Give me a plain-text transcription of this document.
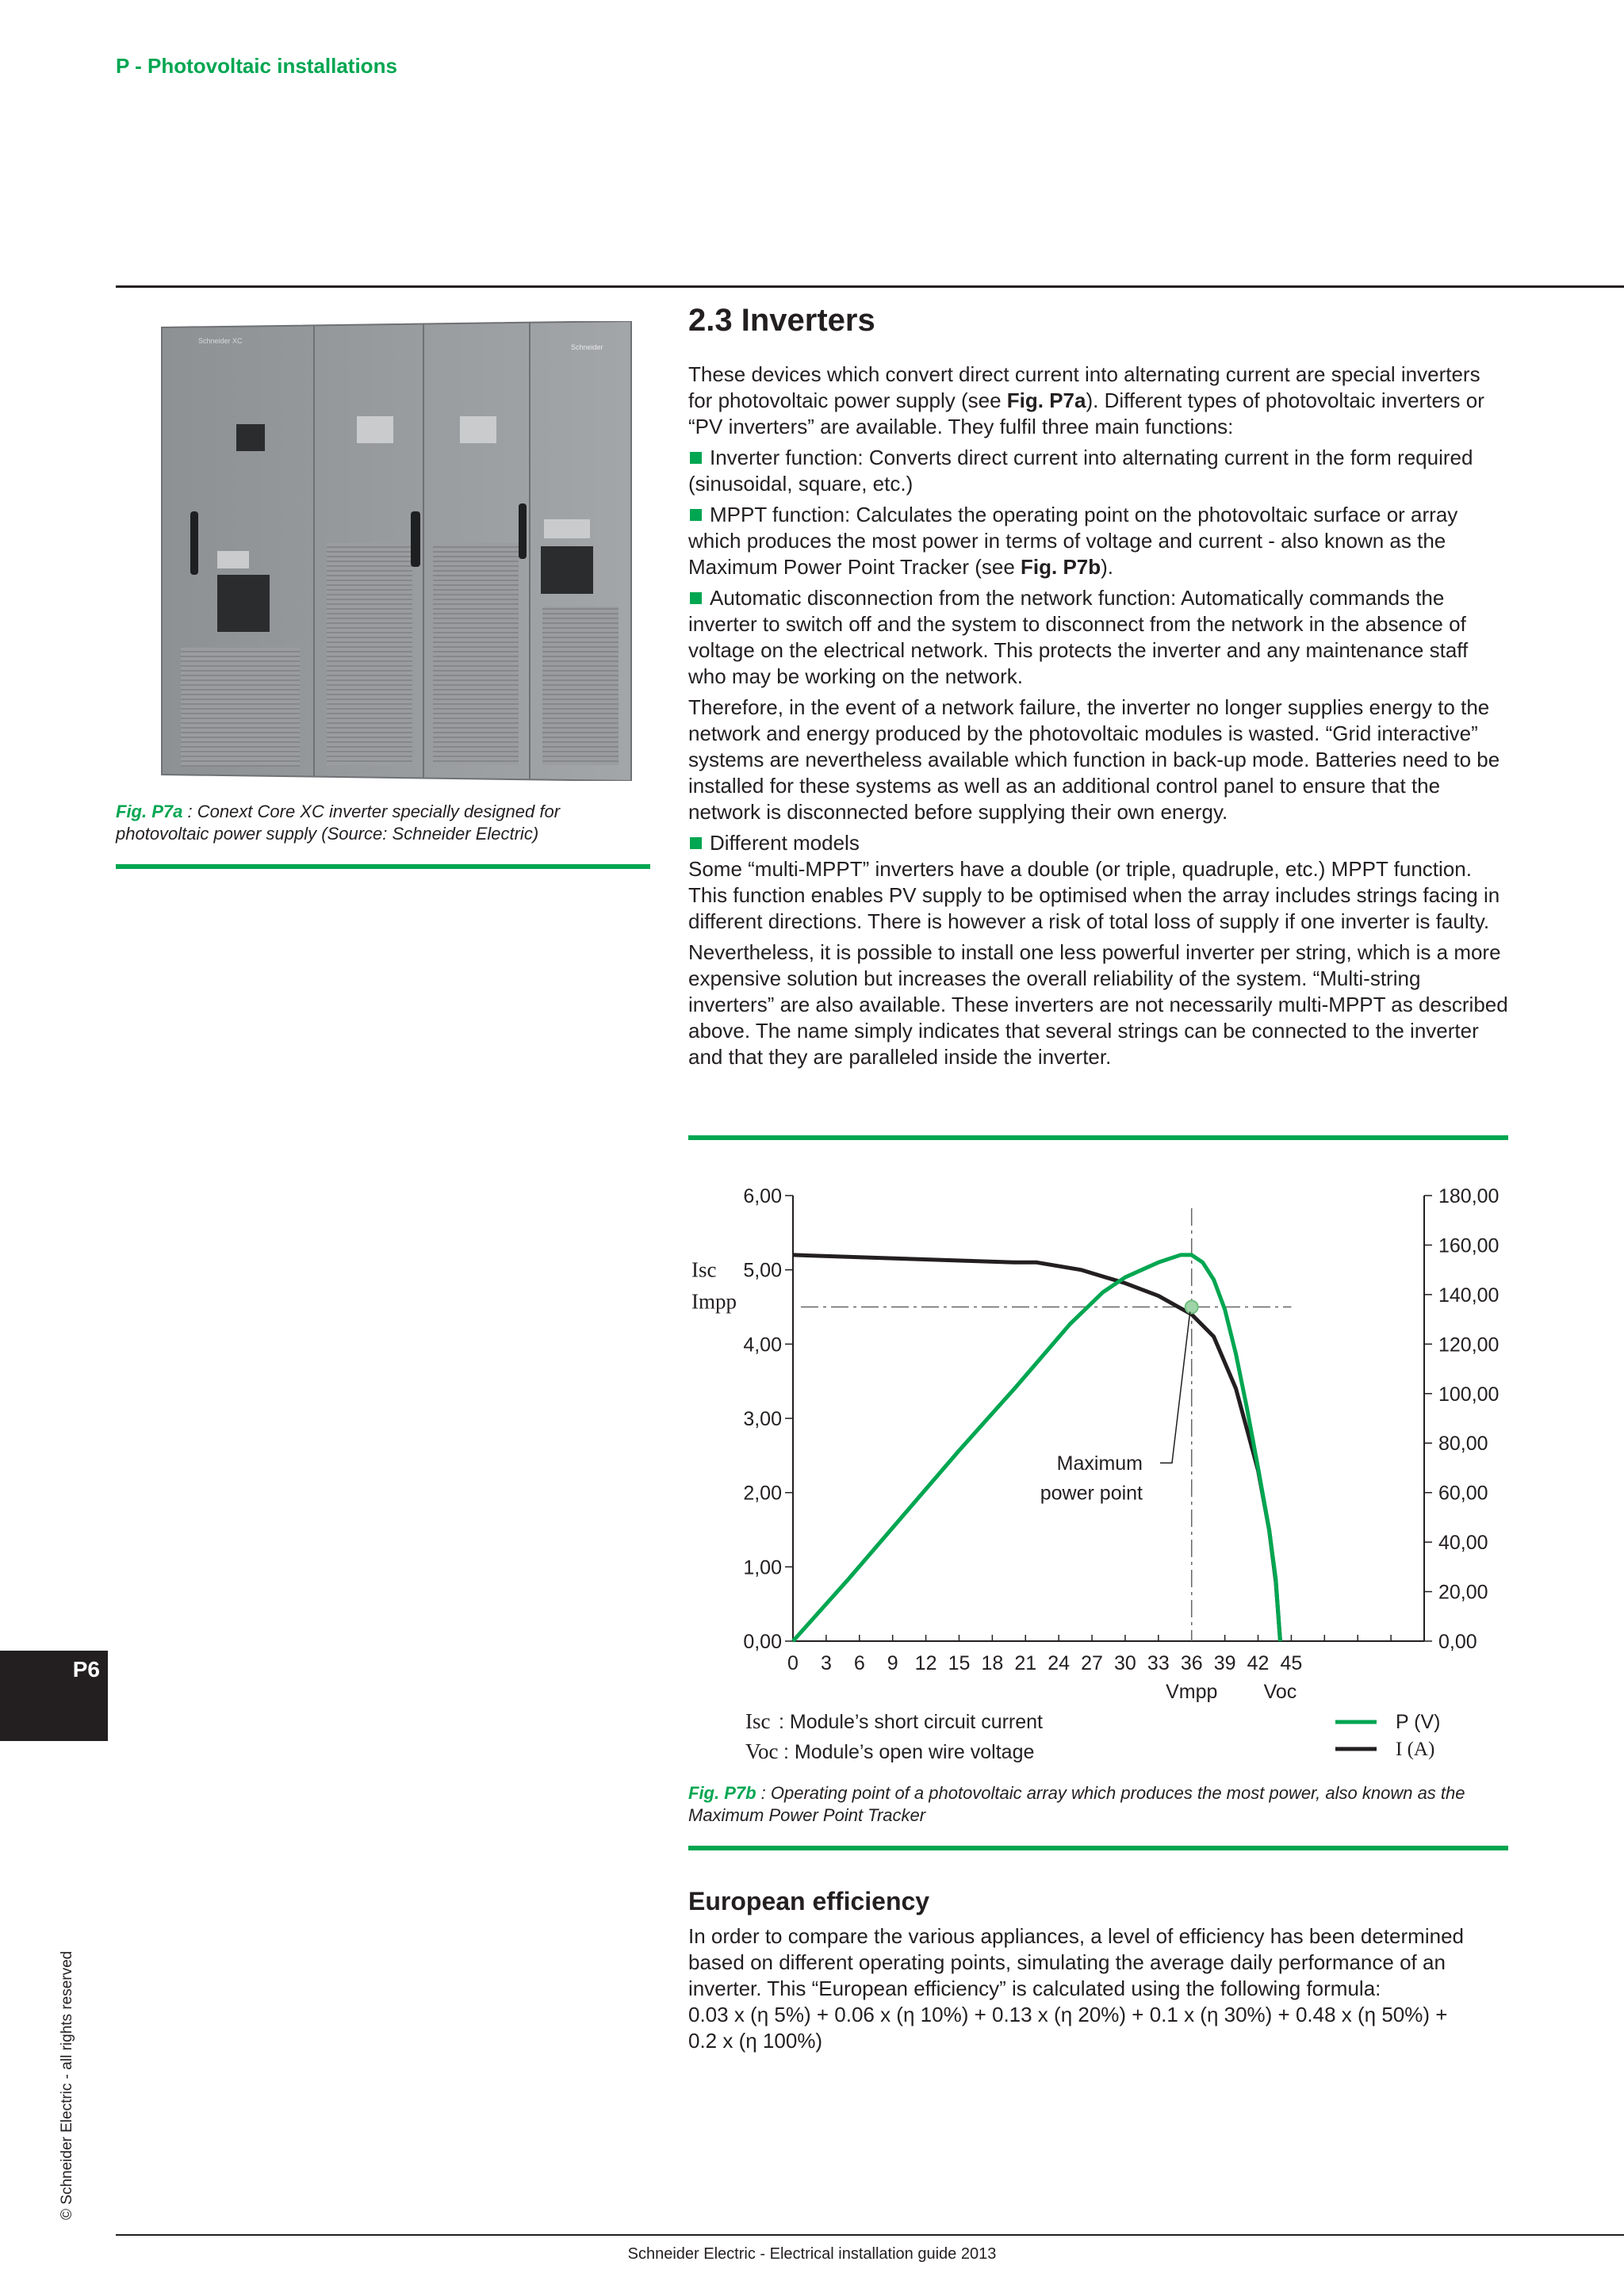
P - Photovoltaic installations
Schneider XC
Schneider
Fig. P7a : Conext Core XC inverter specially designed for photovoltaic power supply (Source: Schneider Electric)
2.3 Inverters

These devices which convert direct current into alternating current are special inverters for photovoltaic power supply (see Fig. P7a). Different types of photovoltaic inverters or “PV inverters” are available. They fulfil three main functions:

Inverter function: Converts direct current into alternating current in the form required (sinusoidal, square, etc.)

MPPT function: Calculates the operating point on the photovoltaic surface or array which produces the most power in terms of voltage and current - also known as the Maximum Power Point Tracker (see Fig. P7b).

Automatic disconnection from the network function: Automatically commands the inverter to switch off and the system to disconnect from the network in the absence of voltage on the electrical network. This protects the inverter and any maintenance staff who may be working on the network.

Therefore, in the event of a network failure, the inverter no longer supplies energy to the network and energy produced by the photovoltaic modules is wasted. “Grid interactive” systems are nevertheless available which function in back-up mode. Batteries need to be installed for these systems as well as an additional control panel to ensure that the network is disconnected before supplying their own energy.

Different models

Some “multi-MPPT” inverters have a double (or triple, quadruple, etc.) MPPT function. This function enables PV supply to be optimised when the array includes strings facing in different directions. There is however a risk of total loss of supply if one inverter is faulty.

Nevertheless, it is possible to install one less powerful inverter per string, which is a more expensive solution but increases the overall reliability of the system. “Multi-string inverters” are also available. These inverters are not necessarily multi-MPPT as described above. The name simply indicates that several strings can be connected to the inverter and that they are paralleled inside the inverter.

0 3 6 9 12 15 18 21 24 27 30 33 36 39 42 45
0,00
1,00
2,00
3,00
4,00
5,00
6,00
0,00
20,00
40,00
60,00
80,00
100,00
120,00
140,00
160,00
180,00
Maximum
power point
Isc
Impp
Vmpp Voc
Isc : Module’s short circuit current
Voc : Module’s open wire voltage
P (V)
I (A)
Fig. P7b : Operating point of a photovoltaic array which produces the most power, also known as the Maximum Power Point Tracker
European efficiency

In order to compare the various appliances, a level of efficiency has been determined based on different operating points, simulating the average daily performance of an inverter. This “European efficiency” is calculated using the following formula:

0.03 x (η 5%) + 0.06 x (η 10%) + 0.13 x (η 20%) + 0.1 x (η 30%) + 0.48 x (η 50%) +

0.2 x (η 100%)

P6
© Schneider Electric - all rights reserved
Schneider Electric - Electrical installation guide 2013
